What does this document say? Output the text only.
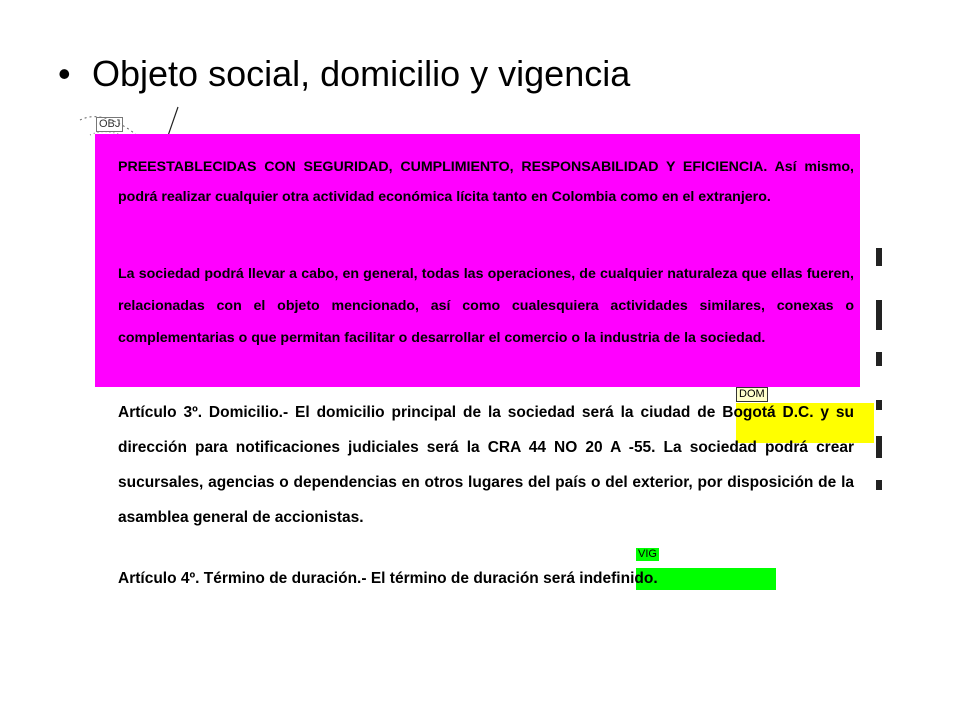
• Objeto social, domicilio y vigencia
OBJ
DOM
VIG
PREESTABLECIDAS CON SEGURIDAD, CUMPLIMIENTO, RESPONSABILIDAD Y EFICIENCIA. Así mismo, podrá realizar cualquier otra actividad económica lícita tanto en Colombia como en el extranjero.
La sociedad podrá llevar a cabo, en general, todas las operaciones, de cualquier naturaleza que ellas fueren, relacionadas con el objeto mencionado, así como cualesquiera actividades similares, conexas o complementarias o que permitan facilitar o desarrollar el comercio o la industria de la sociedad.
Artículo 3º. Domicilio.- El domicilio principal de la sociedad será la ciudad de Bogotá D.C. y su dirección para notificaciones judiciales será la CRA 44 NO 20 A -55. La sociedad podrá crear sucursales, agencias o dependencias en otros lugares del país o del exterior, por disposición de la asamblea general de accionistas.
Artículo 4º. Término de duración.- El término de duración será indefinido.
